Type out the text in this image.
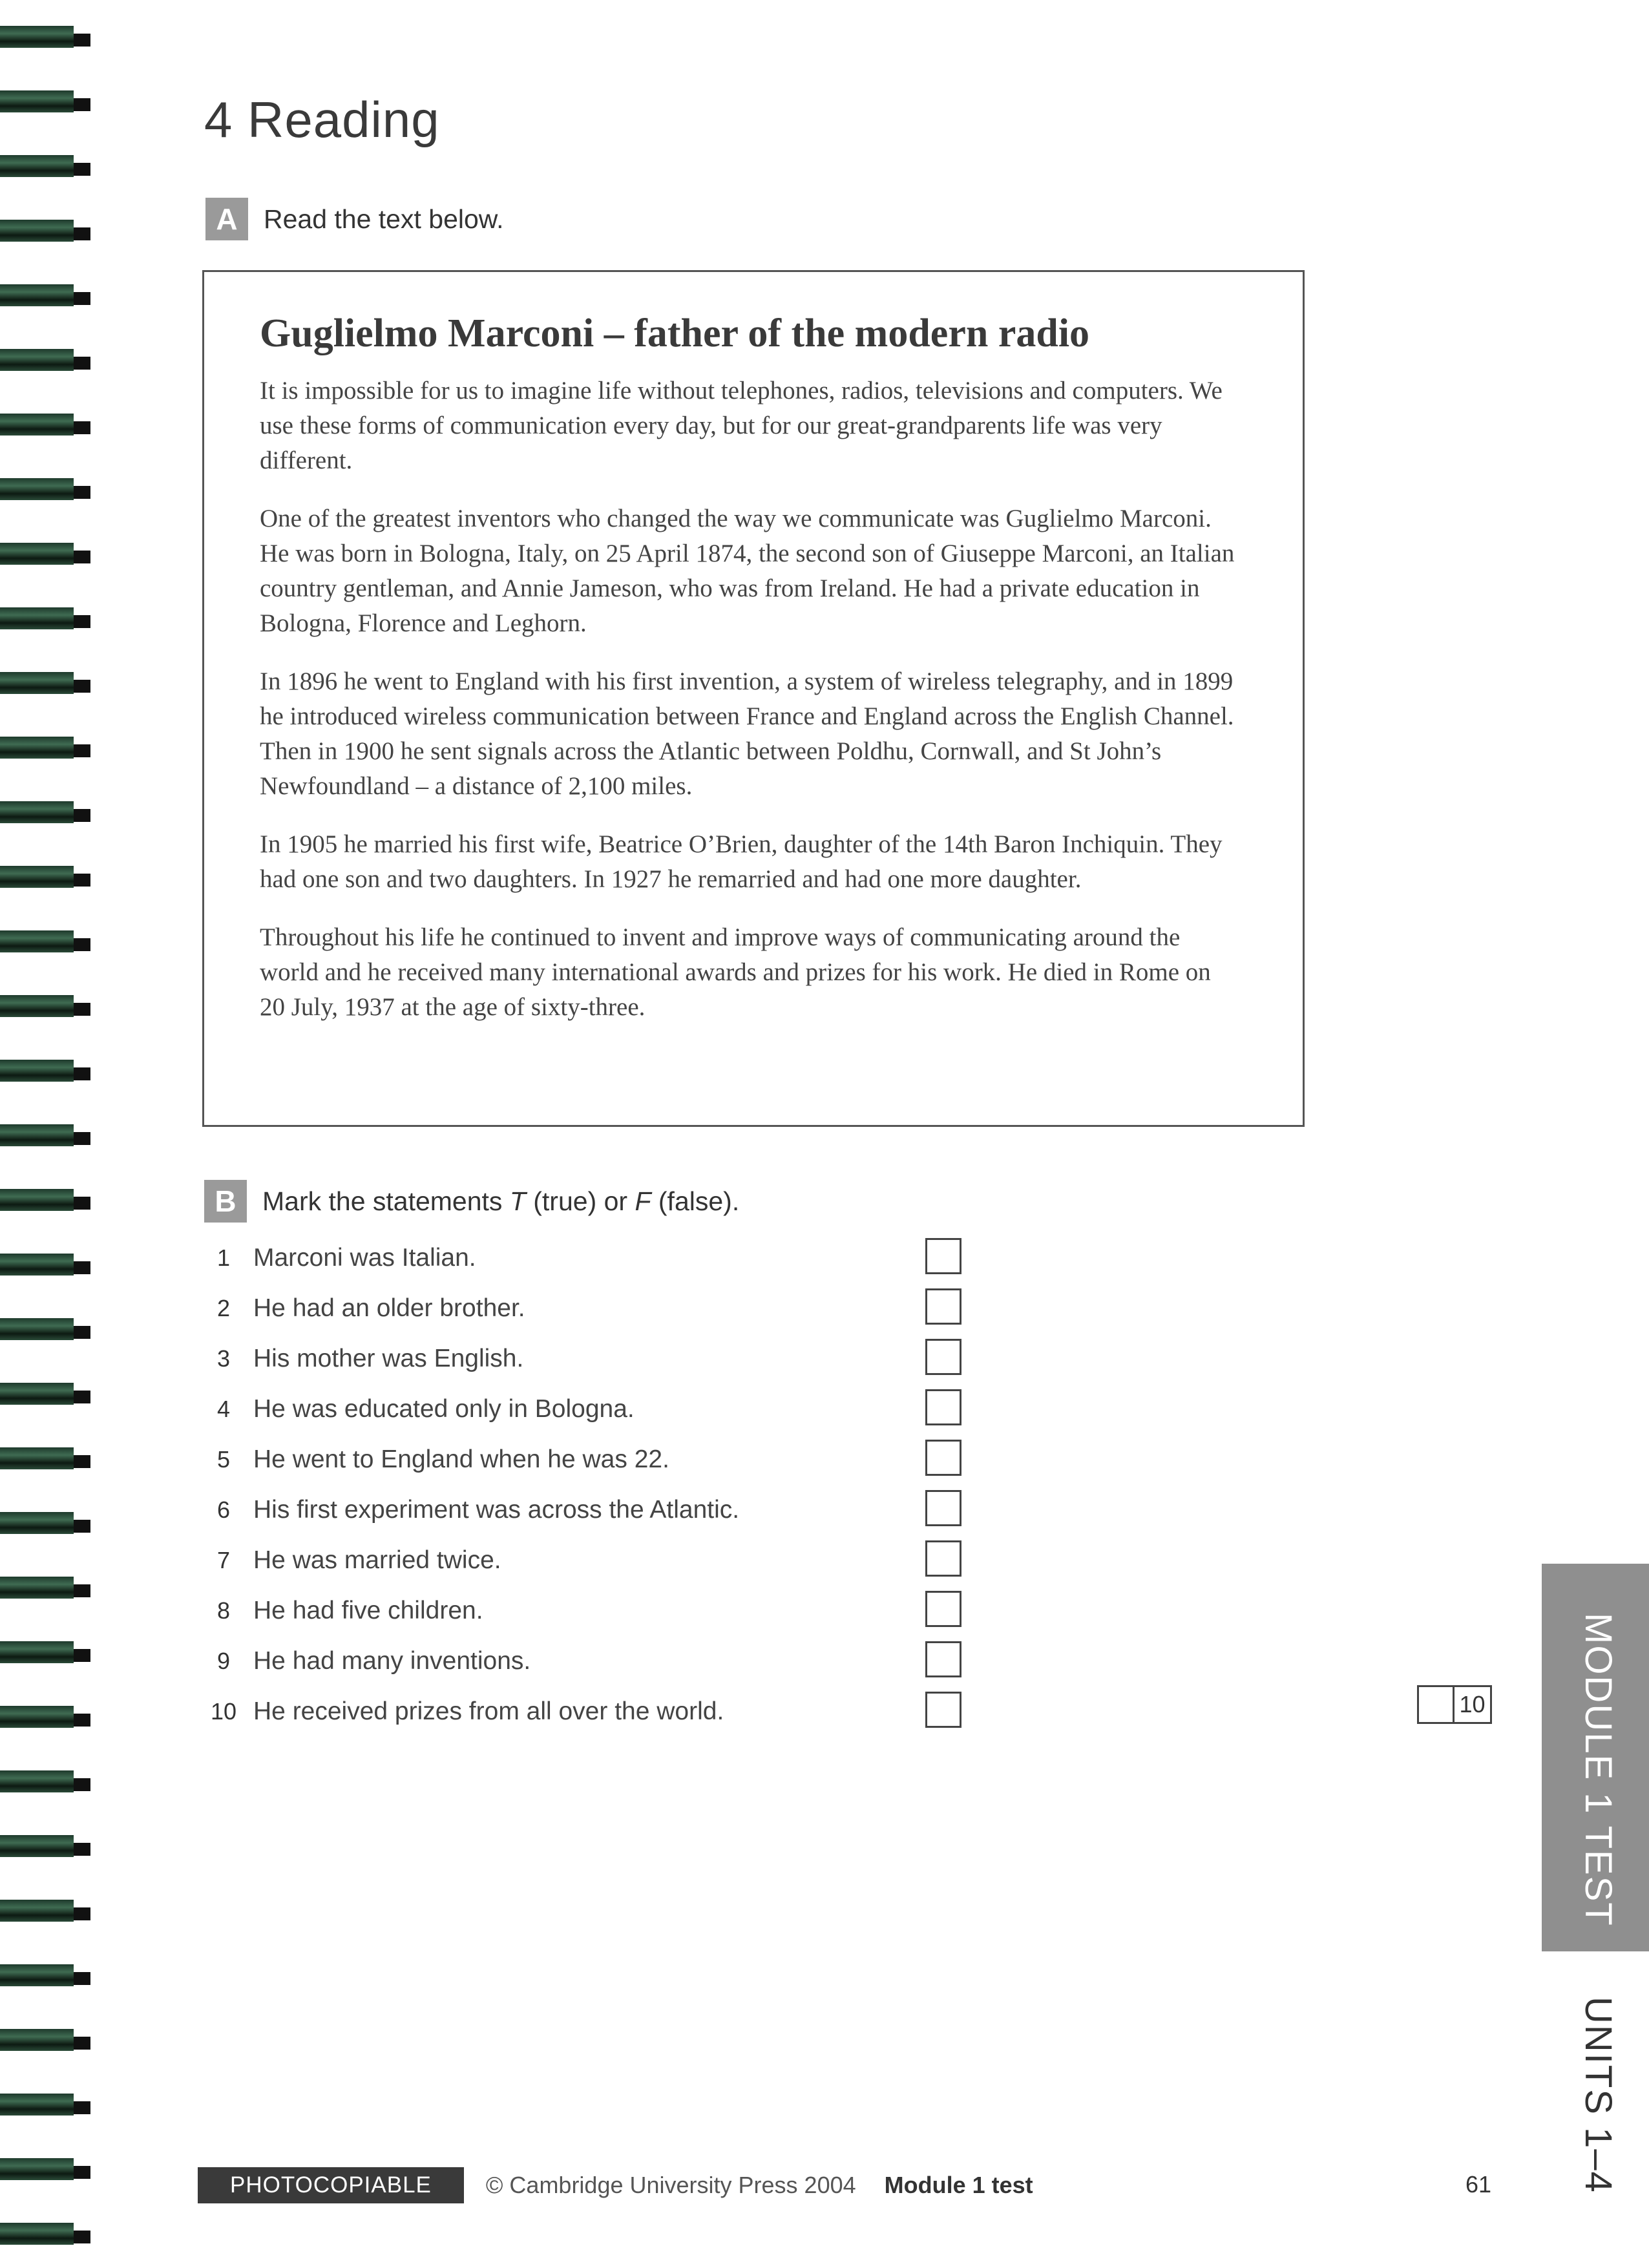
4 Reading
A Read the text below.
Guglielmo Marconi – father of the modern radio

It is impossible for us to imagine life without telephones, radios, televisions and computers. We use these forms of communication every day, but for our great-grandparents life was very different.

One of the greatest inventors who changed the way we communicate was Guglielmo Marconi. He was born in Bologna, Italy, on 25 April 1874, the second son of Giuseppe Marconi, an Italian country gentleman, and Annie Jameson, who was from Ireland. He had a private education in Bologna, Florence and Leghorn.

In 1896 he went to England with his first invention, a system of wireless telegraphy, and in 1899 he introduced wireless communication between France and England across the English Channel. Then in 1900 he sent signals across the Atlantic between Poldhu, Cornwall, and St John’s Newfoundland – a distance of 2,100 miles.

In 1905 he married his first wife, Beatrice O’Brien, daughter of the 14th Baron Inchiquin. They had one son and two daughters. In 1927 he remarried and had one more daughter.

Throughout his life he continued to invent and improve ways of communicating around the world and he received many international awards and prizes for his work. He died in Rome on 20 July, 1937 at the age of sixty-three.

B Mark the statements T (true) or F (false).
1 Marconi was Italian.
2 He had an older brother.
3 His mother was English.
4 He was educated only in Bologna.
5 He went to England when he was 22.
6 His first experiment was across the Atlantic.
7 He was married twice.
8 He had five children.
9 He had many inventions.
10 He received prizes from all over the world.	10 MODULE 1 TEST
UNITS 1–4
PHOTOCOPIABLE	© Cambridge University Press 2004 Module 1 test	61
